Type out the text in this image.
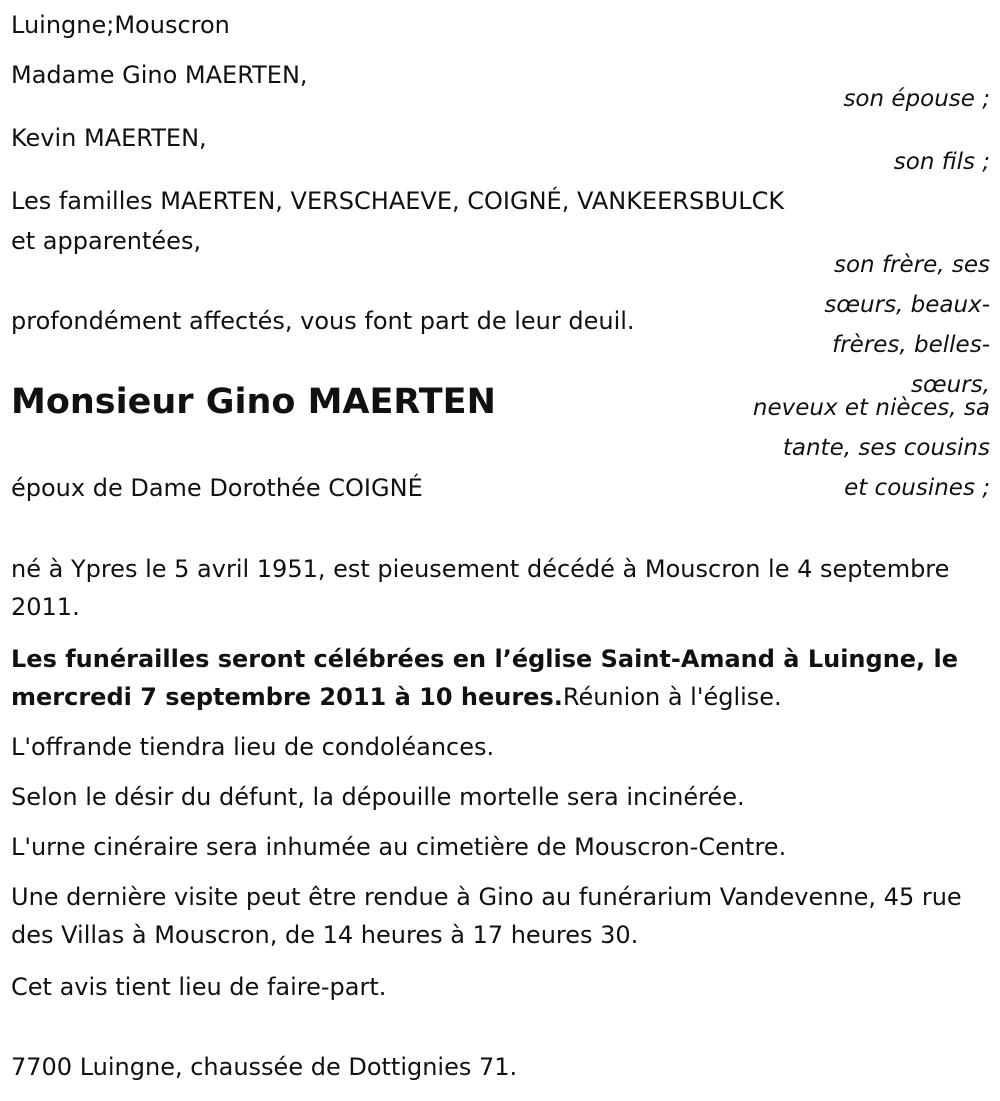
Luingne;Mouscron

Madame Gino MAERTEN,

son épouse ;

Kevin MAERTEN,

son fils ;

Les familles MAERTEN, VERSCHAEVE, COIGNÉ, VANKEERSBULCK

et apparentées,

son frère, ses
sœurs, beaux-
frères, belles-
sœurs,
neveux et nièces, sa
tante, ses cousins
et cousines ;

profondément affectés, vous font part de leur deuil.

Monsieur Gino MAERTEN

époux de Dame Dorothée COIGNÉ

né à Ypres le 5 avril 1951, est pieusement décédé à Mouscron le 4 septembre 2011.

Les funérailles seront célébrées en l’église Saint-Amand à Luingne, le mercredi 7 septembre 2011 à 10 heures.Réunion à l'église.

L'offrande tiendra lieu de condoléances.

Selon le désir du défunt, la dépouille mortelle sera incinérée.

L'urne cinéraire sera inhumée au cimetière de Mouscron-Centre.

Une dernière visite peut être rendue à Gino au funérarium Vandevenne, 45 rue des Villas à Mouscron, de 14 heures à 17 heures 30.

Cet avis tient lieu de faire-part.

7700 Luingne, chaussée de Dottignies 71.
